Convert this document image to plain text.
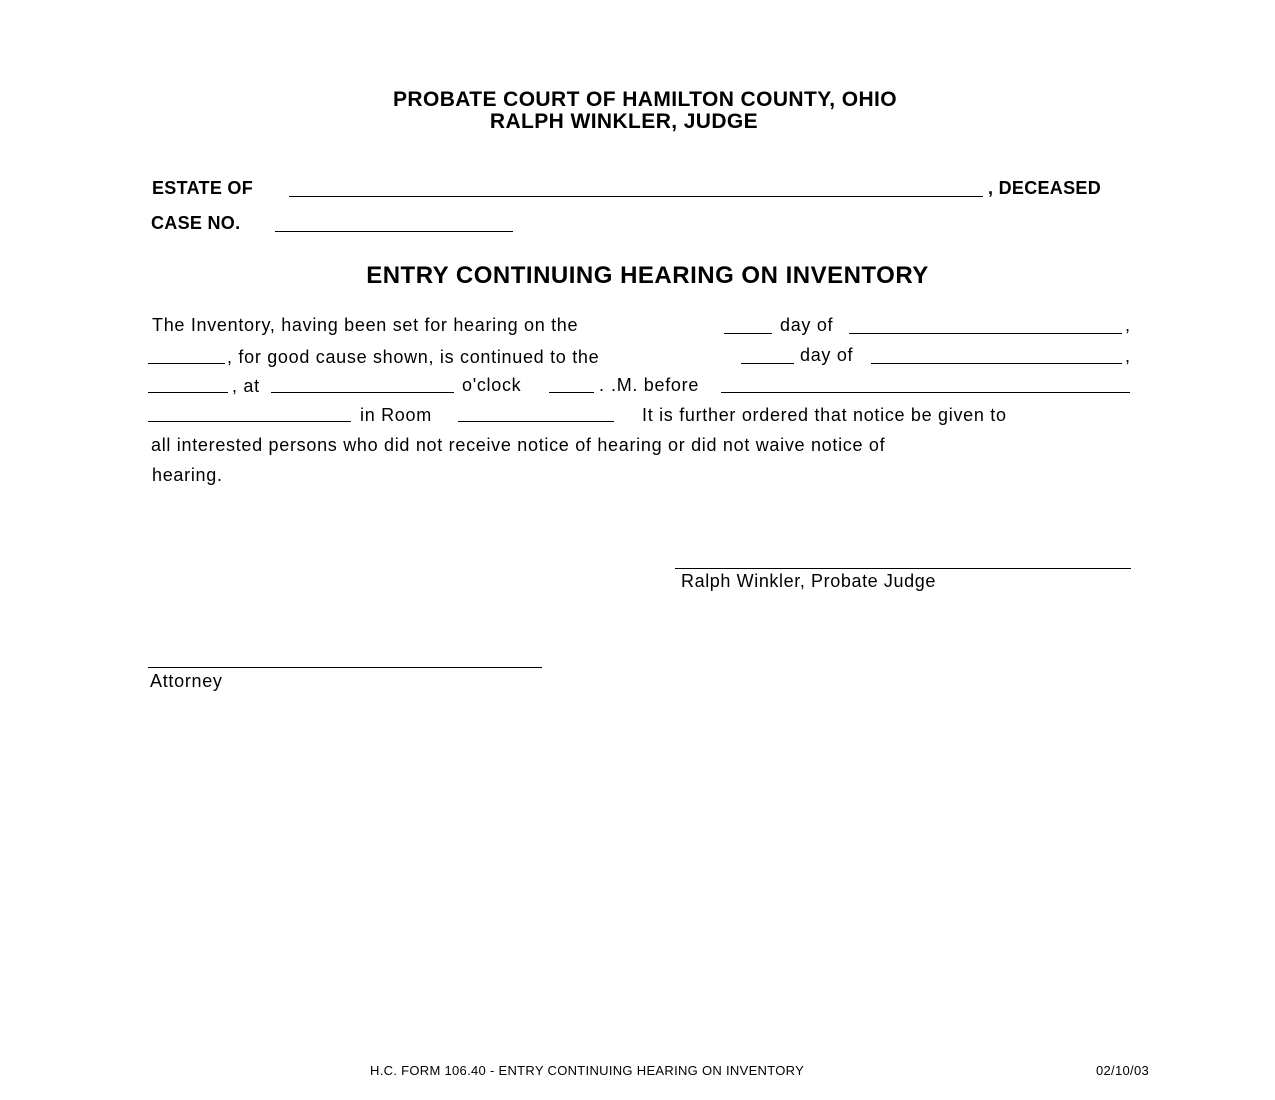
PROBATE COURT OF HAMILTON COUNTY, OHIO
RALPH WINKLER, JUDGE
ESTATE OF	, DECEASED
CASE NO.
ENTRY CONTINUING HEARING ON INVENTORY
The Inventory, having been set for hearing on the	day of	,
, for good cause shown, is continued to the	day of	,
, at	o'clock	. .M. before
in Room	It is further ordered that notice be given to
all interested persons who did not receive notice of hearing or did not waive notice of
hearing.
Ralph Winkler, Probate Judge
Attorney
H.C. FORM 106.40 - ENTRY CONTINUING HEARING ON INVENTORY	02/10/03
